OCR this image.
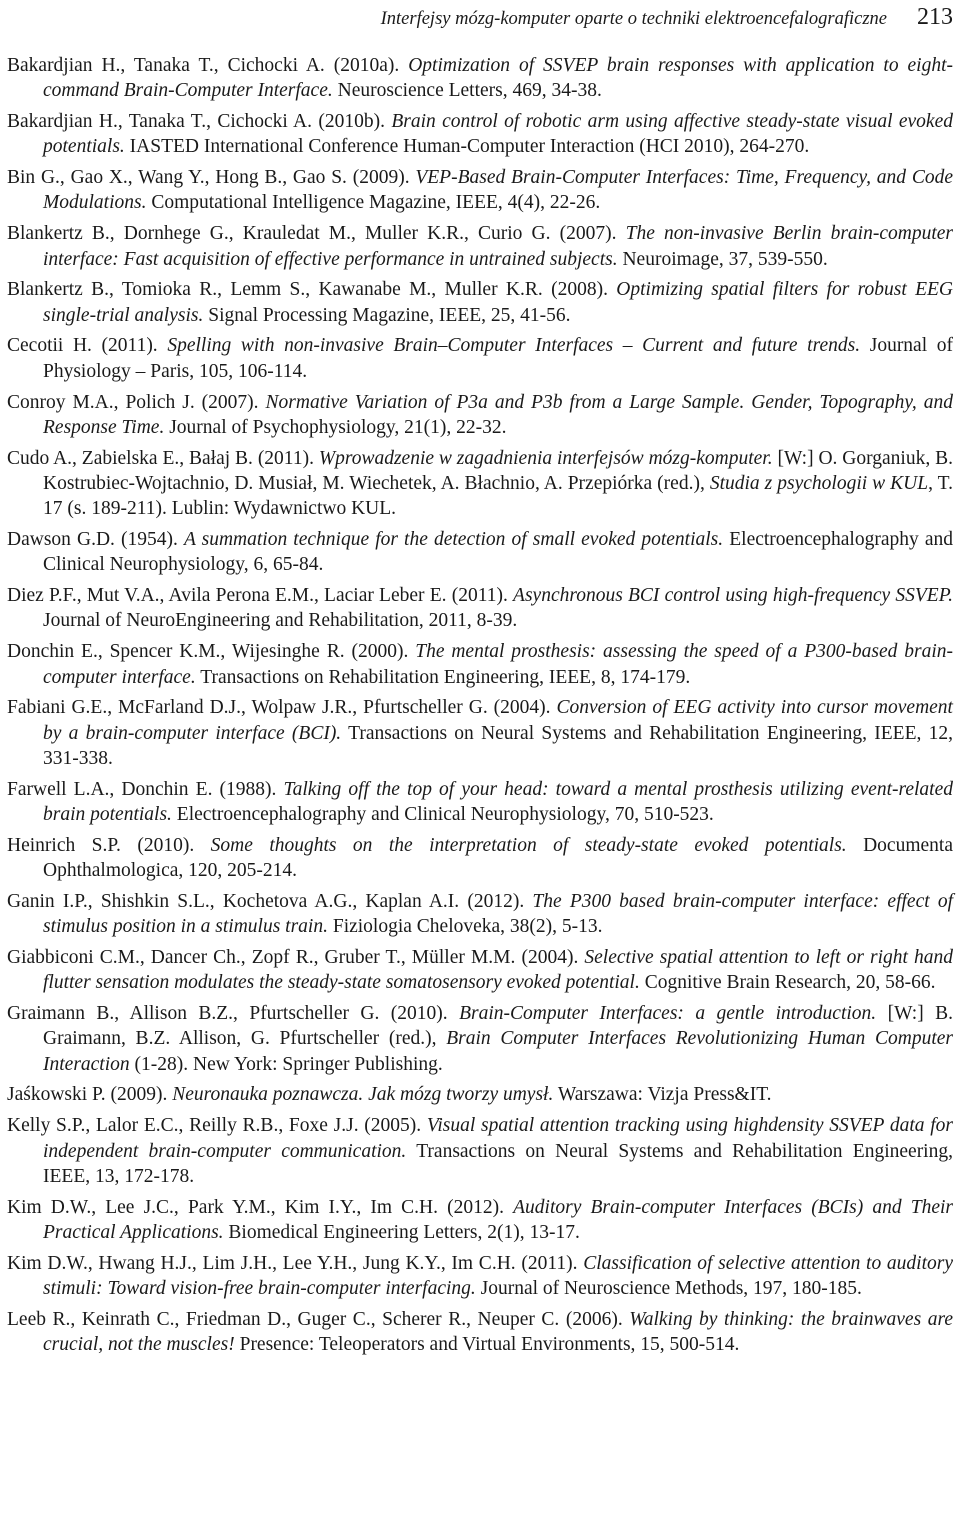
Interfejsy mózg-komputer oparte o techniki elektroencefalograficzne 213
Bakardjian H., Tanaka T., Cichocki A. (2010a). Optimization of SSVEP brain responses with application to eight-command Brain-Computer Interface. Neuroscience Letters, 469, 34-38.
Bakardjian H., Tanaka T., Cichocki A. (2010b). Brain control of robotic arm using affective steady-state visual evoked potentials. IASTED International Conference Human-Computer Interaction (HCI 2010), 264-270.
Bin G., Gao X., Wang Y., Hong B., Gao S. (2009). VEP-Based Brain-Computer Interfaces: Time, Frequency, and Code Modulations. Computational Intelligence Magazine, IEEE, 4(4), 22-26.
Blankertz B., Dornhege G., Krauledat M., Muller K.R., Curio G. (2007). The non-invasive Berlin brain-computer interface: Fast acquisition of effective performance in untrained subjects. Neuroimage, 37, 539-550.
Blankertz B., Tomioka R., Lemm S., Kawanabe M., Muller K.R. (2008). Optimizing spatial filters for robust EEG single-trial analysis. Signal Processing Magazine, IEEE, 25, 41-56.
Cecotii H. (2011). Spelling with non-invasive Brain–Computer Interfaces – Current and future trends. Journal of Physiology – Paris, 105, 106-114.
Conroy M.A., Polich J. (2007). Normative Variation of P3a and P3b from a Large Sample. Gender, Topography, and Response Time. Journal of Psychophysiology, 21(1), 22-32.
Cudo A., Zabielska E., Bałaj B. (2011). Wprowadzenie w zagadnienia interfejsów mózg-komputer. [W:] O. Gorganiuk, B. Kostrubiec-Wojtachnio, D. Musiał, M. Wiechetek, A. Błachnio, A. Przepiórka (red.), Studia z psychologii w KUL, T. 17 (s. 189-211). Lublin: Wydawnictwo KUL.
Dawson G.D. (1954). A summation technique for the detection of small evoked potentials. Electroencephalography and Clinical Neurophysiology, 6, 65-84.
Diez P.F., Mut V.A., Avila Perona E.M., Laciar Leber E. (2011). Asynchronous BCI control using high-frequency SSVEP. Journal of NeuroEngineering and Rehabilitation, 2011, 8-39.
Donchin E., Spencer K.M., Wijesinghe R. (2000). The mental prosthesis: assessing the speed of a P300-based brain-computer interface. Transactions on Rehabilitation Engineering, IEEE, 8, 174-179.
Fabiani G.E., McFarland D.J., Wolpaw J.R., Pfurtscheller G. (2004). Conversion of EEG activity into cursor movement by a brain-computer interface (BCI). Transactions on Neural Systems and Rehabilitation Engineering, IEEE, 12, 331-338.
Farwell L.A., Donchin E. (1988). Talking off the top of your head: toward a mental prosthesis utilizing event-related brain potentials. Electroencephalography and Clinical Neurophysiology, 70, 510-523.
Heinrich S.P. (2010). Some thoughts on the interpretation of steady-state evoked potentials. Documenta Ophthalmologica, 120, 205-214.
Ganin I.P., Shishkin S.L., Kochetova A.G., Kaplan A.I. (2012). The P300 based brain-computer interface: effect of stimulus position in a stimulus train. Fiziologia Cheloveka, 38(2), 5-13.
Giabbiconi C.M., Dancer Ch., Zopf R., Gruber T., Müller M.M. (2004). Selective spatial attention to left or right hand flutter sensation modulates the steady-state somatosensory evoked potential. Cognitive Brain Research, 20, 58-66.
Graimann B., Allison B.Z., Pfurtscheller G. (2010). Brain-Computer Interfaces: a gentle introduction. [W:] B. Graimann, B.Z. Allison, G. Pfurtscheller (red.), Brain Computer Interfaces Revolutionizing Human Computer Interaction (1-28). New York: Springer Publishing.
Jaśkowski P. (2009). Neuronauka poznawcza. Jak mózg tworzy umysł. Warszawa: Vizja Press&IT.
Kelly S.P., Lalor E.C., Reilly R.B., Foxe J.J. (2005). Visual spatial attention tracking using highdensity SSVEP data for independent brain-computer communication. Transactions on Neural Systems and Rehabilitation Engineering, IEEE, 13, 172-178.
Kim D.W., Lee J.C., Park Y.M., Kim I.Y., Im C.H. (2012). Auditory Brain-computer Interfaces (BCIs) and Their Practical Applications. Biomedical Engineering Letters, 2(1), 13-17.
Kim D.W., Hwang H.J., Lim J.H., Lee Y.H., Jung K.Y., Im C.H. (2011). Classification of selective attention to auditory stimuli: Toward vision-free brain-computer interfacing. Journal of Neuroscience Methods, 197, 180-185.
Leeb R., Keinrath C., Friedman D., Guger C., Scherer R., Neuper C. (2006). Walking by thinking: the brainwaves are crucial, not the muscles! Presence: Teleoperators and Virtual Environments, 15, 500-514.
